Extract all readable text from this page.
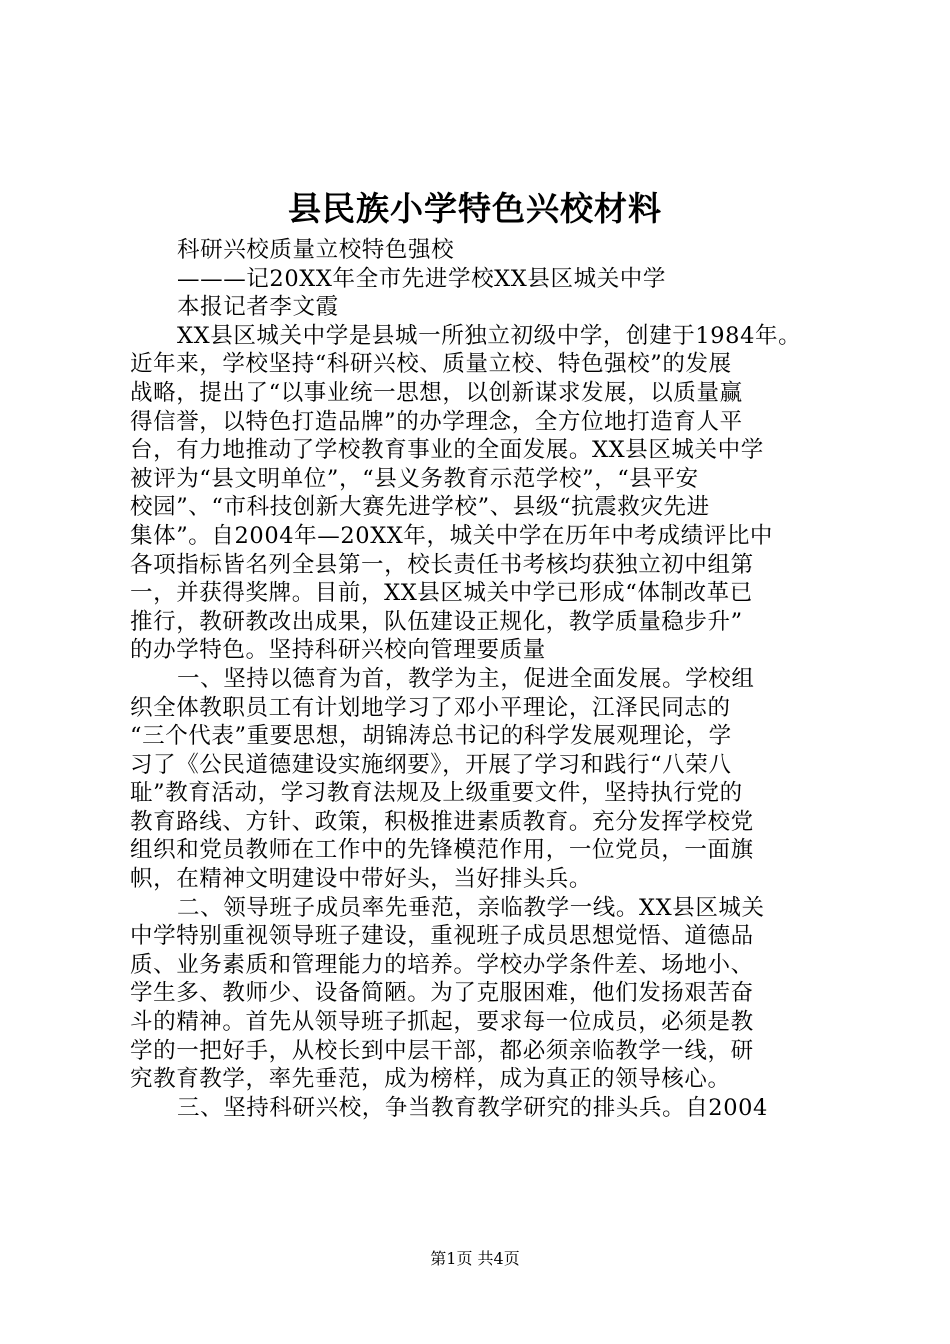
县民族小学特色兴校材料
科研兴校质量立校特色强校
———记20XX年全市先进学校XX县区城关中学
本报记者李文霞
XX县区城关中学是县城一所独立初级中学，创建于1984年。
近年来，学校坚持“科研兴校、质量立校、特色强校”的发展
战略，提出了“以事业统一思想，以创新谋求发展，以质量赢
得信誉，以特色打造品牌”的办学理念，全方位地打造育人平
台，有力地推动了学校教育事业的全面发展。XX县区城关中学
被评为“县文明单位”，“县义务教育示范学校”，“县平安
校园”、“市科技创新大赛先进学校”、县级“抗震救灾先进
集体”。自2004年—20XX年，城关中学在历年中考成绩评比中
各项指标皆名列全县第一，校长责任书考核均获独立初中组第
一，并获得奖牌。目前，XX县区城关中学已形成“体制改革已
推行，教研教改出成果，队伍建设正规化，教学质量稳步升”
的办学特色。坚持科研兴校向管理要质量
一、坚持以德育为首，教学为主，促进全面发展。学校组
织全体教职员工有计划地学习了邓小平理论，江泽民同志的
“三个代表”重要思想，胡锦涛总书记的科学发展观理论，学
习了《公民道德建设实施纲要》，开展了学习和践行“八荣八
耻”教育活动，学习教育法规及上级重要文件，坚持执行党的
教育路线、方针、政策，积极推进素质教育。充分发挥学校党
组织和党员教师在工作中的先锋模范作用，一位党员，一面旗
帜，在精神文明建设中带好头，当好排头兵。
二、领导班子成员率先垂范，亲临教学一线。XX县区城关
中学特别重视领导班子建设，重视班子成员思想觉悟、道德品
质、业务素质和管理能力的培养。学校办学条件差、场地小、
学生多、教师少、设备简陋。为了克服困难，他们发扬艰苦奋
斗的精神。首先从领导班子抓起，要求每一位成员，必须是教
学的一把好手，从校长到中层干部，都必须亲临教学一线，研
究教育教学，率先垂范，成为榜样，成为真正的领导核心。
三、坚持科研兴校，争当教育教学研究的排头兵。自2004
第1页 共4页
